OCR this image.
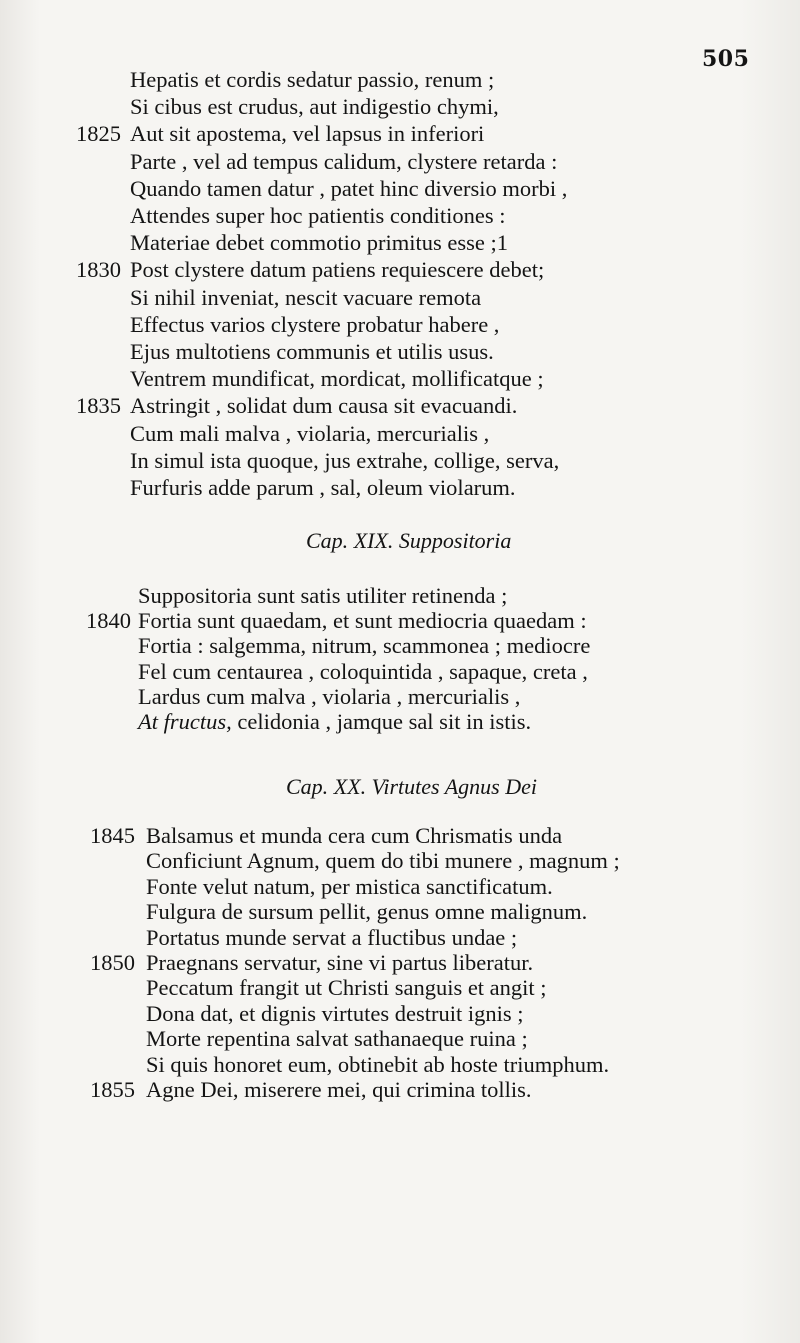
505
Hepatis et cordis sedatur passio, renum ;
Si cibus est crudus, aut indigestio chymi,
1825 Aut sit apostema, vel lapsus in inferiori
Parte , vel ad tempus calidum, clystere retarda :
Quando tamen datur , patet hinc diversio morbi ,
Attendes super hoc patientis conditiones :
Materiae debet commotio primitus esse ;1
1830 Post clystere datum patiens requiescere debet;
Si nihil inveniat, nescit vacuare remota
Effectus varios clystere probatur habere ,
Ejus multotiens communis et utilis usus.
Ventrem mundificat, mordicat, mollificatque ;
1835 Astringit , solidat dum causa sit evacuandi.
Cum mali malva , violaria, mercurialis ,
In simul ista quoque, jus extrahe, collige, serva,
Furfuris adde parum , sal, oleum violarum.
Cap. XIX. Suppositoria
Suppositoria sunt satis utiliter retinenda ;
1840 Fortia sunt quaedam, et sunt mediocria quaedam :
Fortia : salgemma, nitrum, scammonea ; mediocre
Fel cum centaurea , coloquintida , sapaque, creta ,
Lardus cum malva , violaria , mercurialis ,
At fructus, celidonia , jamque sal sit in istis.
Cap. XX. Virtutes Agnus Dei
1845 Balsamus et munda cera cum Chrismatis unda
Conficiunt Agnum, quem do tibi munere , magnum ;
Fonte velut natum, per mistica sanctificatum.
Fulgura de sursum pellit, genus omne malignum.
Portatus munde servat a fluctibus undae ;
1850 Praegnans servatur, sine vi partus liberatur.
Peccatum frangit ut Christi sanguis et angit ;
Dona dat, et dignis virtutes destruit ignis ;
Morte repentina salvat sathanaeque ruina ;
Si quis honoret eum, obtinebit ab hoste triumphum.
1855 Agne Dei, miserere mei, qui crimina tollis.
